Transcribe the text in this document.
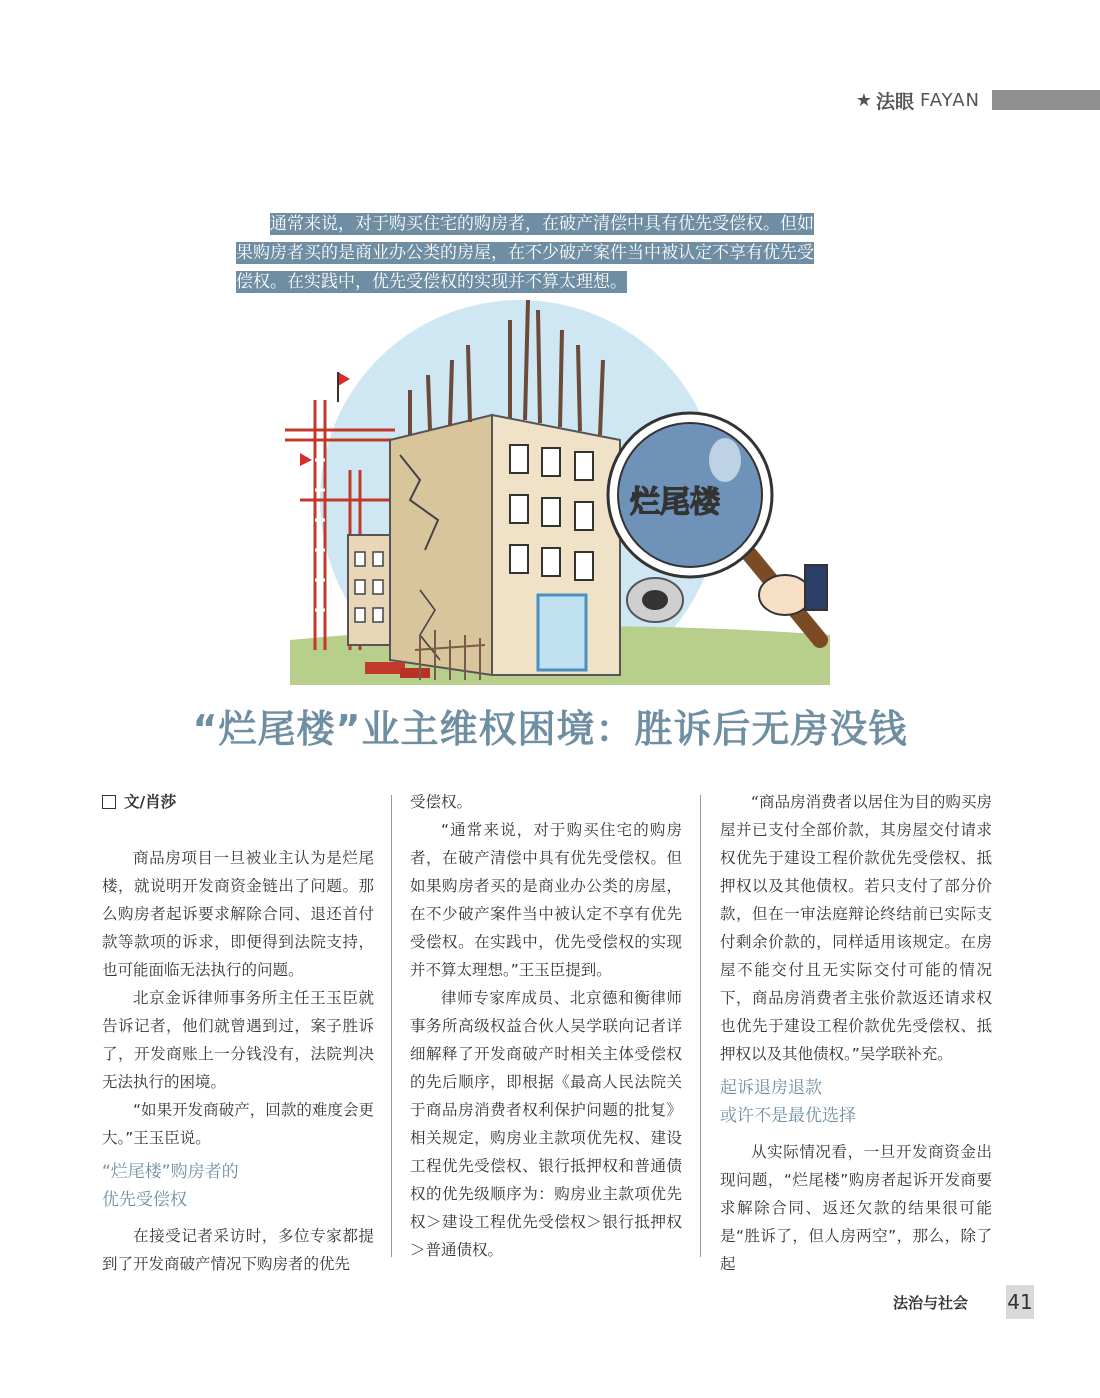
★ 法眼 FAYAN
通常来说，对于购买住宅的购房者，在破产清偿中具有优先受偿权。但如果购房者买的是商业办公类的房屋，在不少破产案件当中被认定不享有优先受偿权。在实践中，优先受偿权的实现并不算太理想。
烂尾楼
“烂尾楼”业主维权困境：胜诉后无房没钱
文/肖莎

商品房项目一旦被业主认为是烂尾楼，就说明开发商资金链出了问题。那么购房者起诉要求解除合同、退还首付款等款项的诉求，即便得到法院支持，也可能面临无法执行的问题。

北京金诉律师事务所主任王玉臣就告诉记者，他们就曾遇到过，案子胜诉了，开发商账上一分钱没有，法院判决无法执行的困境。

“如果开发商破产，回款的难度会更大。”王玉臣说。

“烂尾楼”购房者的
优先受偿权

在接受记者采访时，多位专家都提到了开发商破产情况下购房者的优先

受偿权。

“通常来说，对于购买住宅的购房者，在破产清偿中具有优先受偿权。但如果购房者买的是商业办公类的房屋，在不少破产案件当中被认定不享有优先受偿权。在实践中，优先受偿权的实现并不算太理想。”王玉臣提到。

律师专家库成员、北京德和衡律师事务所高级权益合伙人吴学联向记者详细解释了开发商破产时相关主体受偿权的先后顺序，即根据《最高人民法院关于商品房消费者权利保护问题的批复》相关规定，购房业主款项优先权、建设工程优先受偿权、银行抵押权和普通债权的优先级顺序为：购房业主款项优先权＞建设工程优先受偿权＞银行抵押权＞普通债权。

“商品房消费者以居住为目的购买房屋并已支付全部价款，其房屋交付请求权优先于建设工程价款优先受偿权、抵押权以及其他债权。若只支付了部分价款，但在一审法庭辩论终结前已实际支付剩余价款的，同样适用该规定。在房屋不能交付且无实际交付可能的情况下，商品房消费者主张价款返还请求权也优先于建设工程价款优先受偿权、抵押权以及其他债权。”吴学联补充。

起诉退房退款
或许不是最优选择

从实际情况看，一旦开发商资金出现问题，“烂尾楼”购房者起诉开发商要求解除合同、返还欠款的结果很可能是“胜诉了，但人房两空”，那么，除了起

法治与社会 41
